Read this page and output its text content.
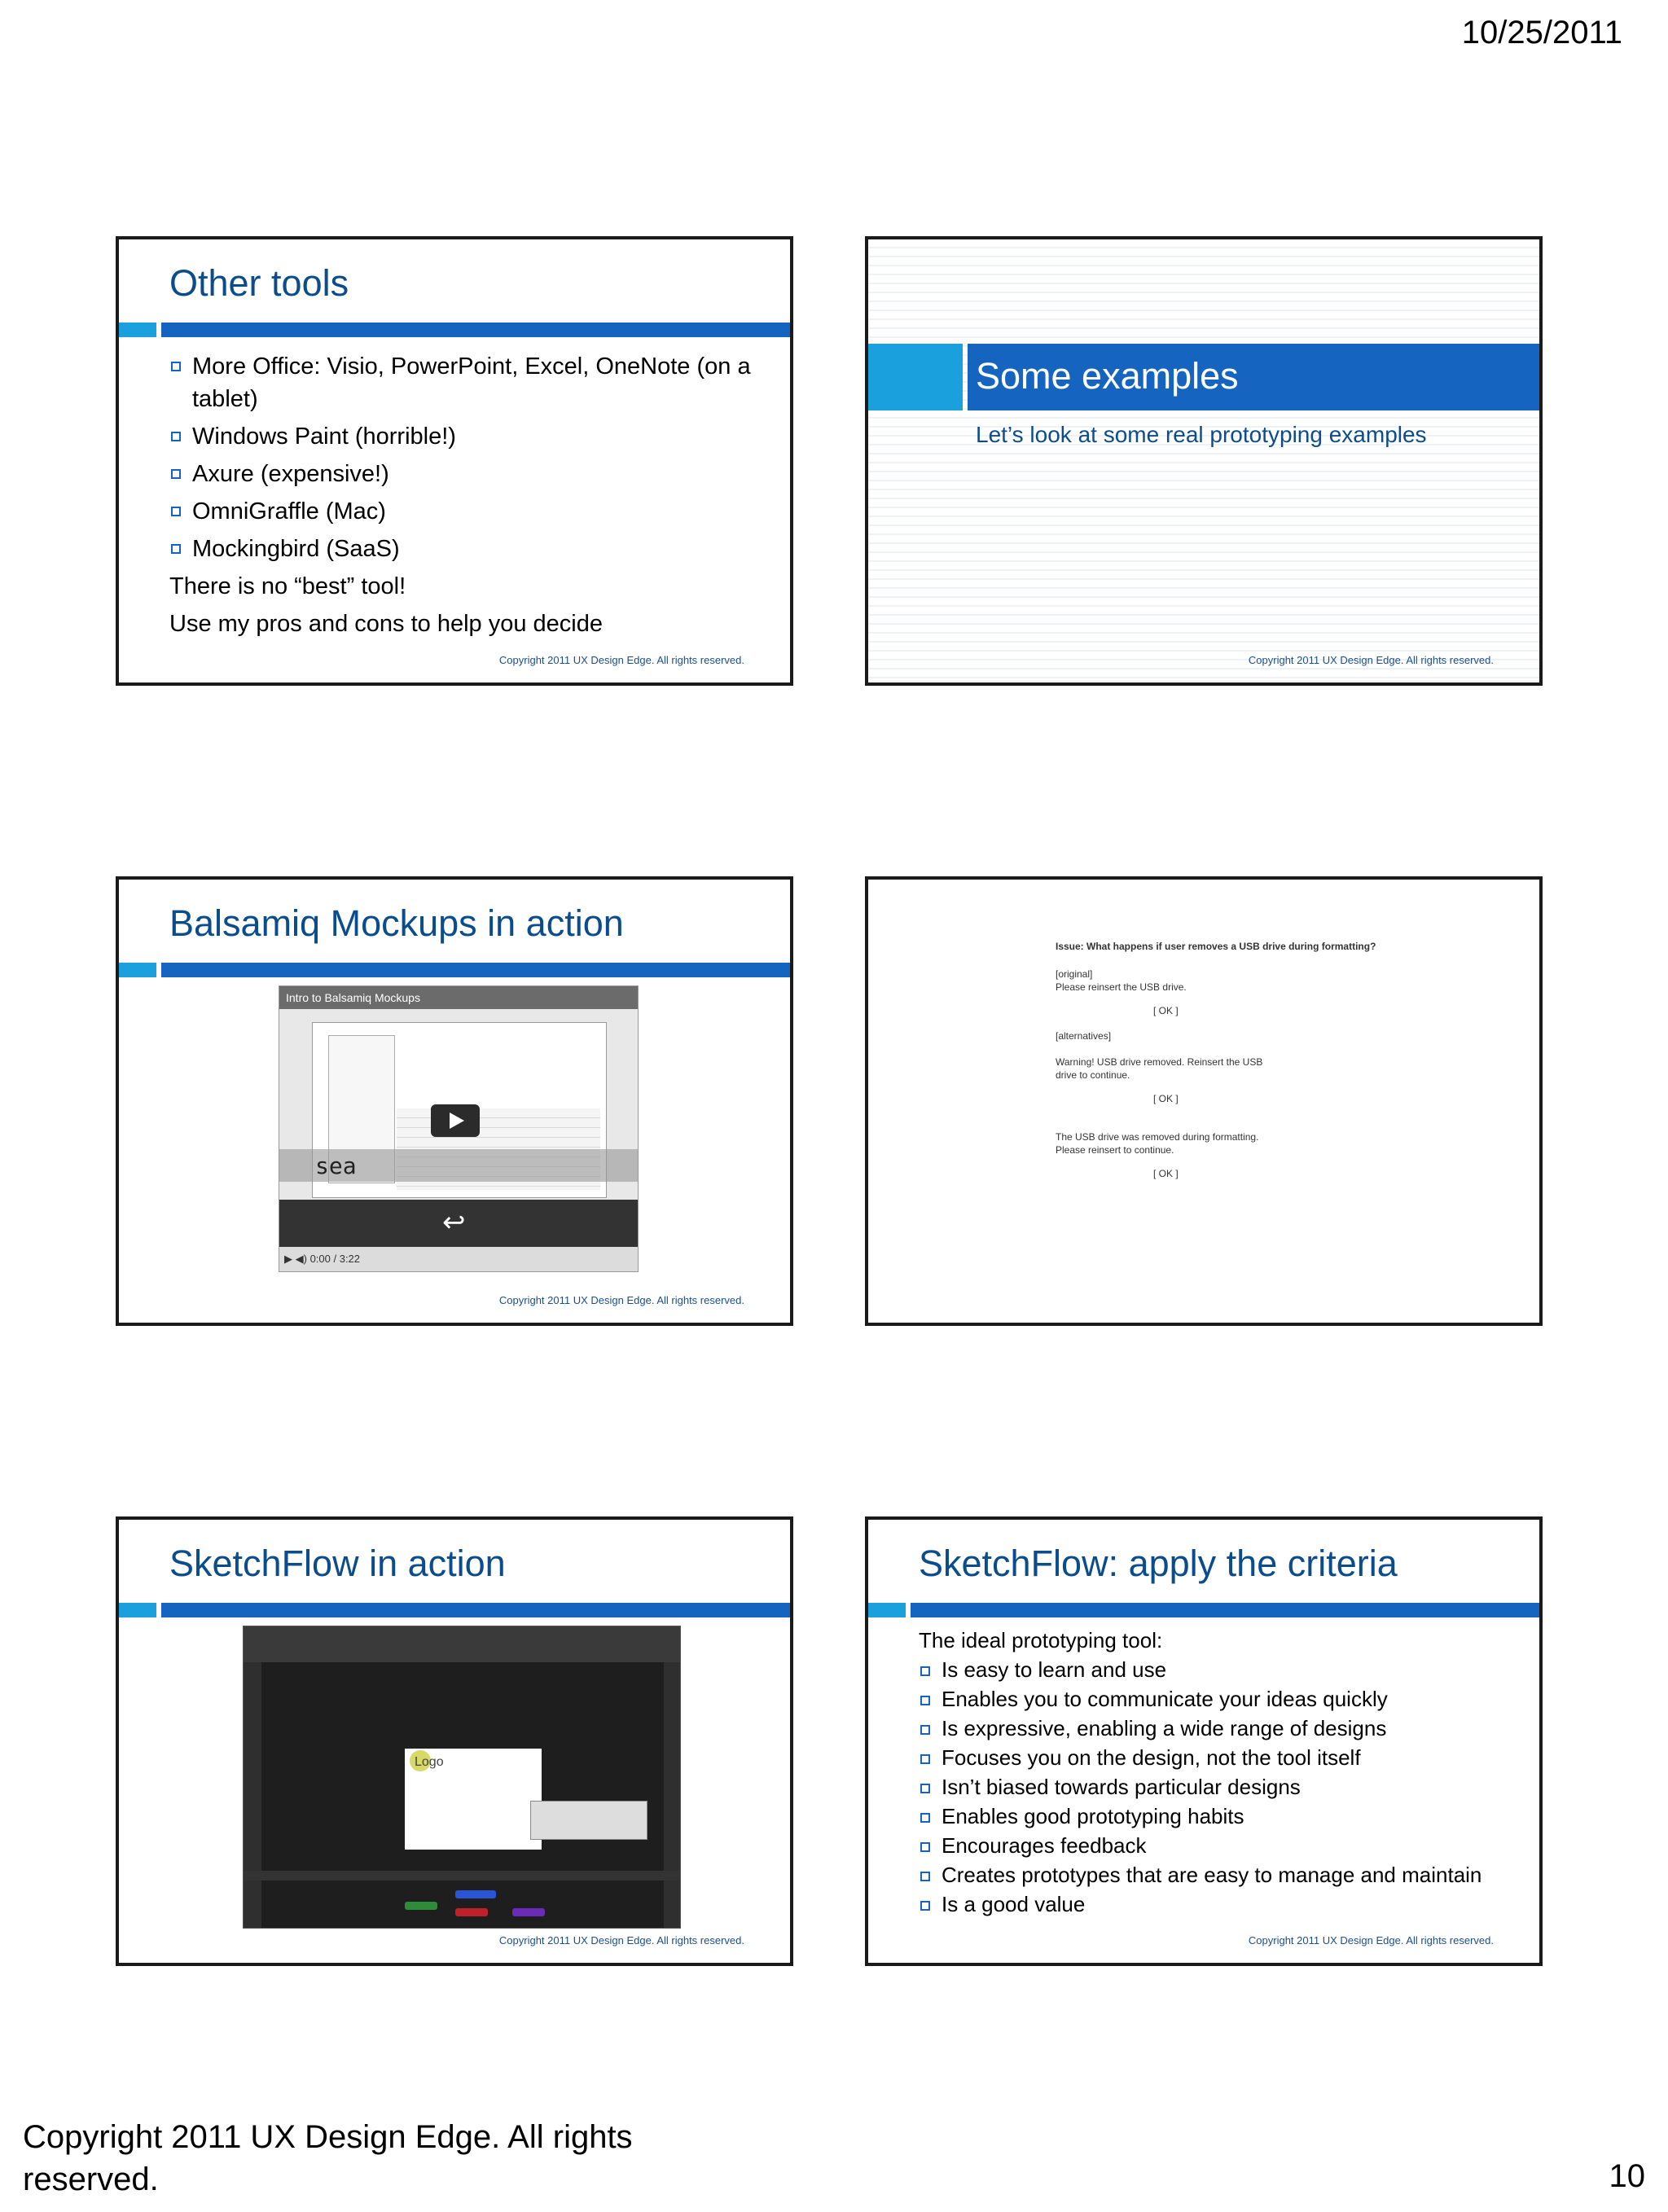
10/25/2011
Other tools
More Office: Visio, PowerPoint, Excel, OneNote (on a tablet)
Windows Paint (horrible!)
Axure (expensive!)
OmniGraffle (Mac)
Mockingbird (SaaS)
There is no “best” tool!
Use my pros and cons to help you decide
Copyright 2011 UX Design Edge. All rights reserved.
Some examples
Let’s look at some real prototyping examples
Copyright 2011 UX Design Edge. All rights reserved.
Balsamiq Mockups in action
Intro to Balsamiq Mockups
sea
↩
▶ ◀) 0:00 / 3:22
Copyright 2011 UX Design Edge. All rights reserved.
Issue: What happens if user removes a USB drive during formatting?
[original]
Please reinsert the USB drive.
[ OK ]
[alternatives]
Warning! USB drive removed. Reinsert the USB
drive to continue.
[ OK ]
The USB drive was removed during formatting.
Please reinsert to continue.
[ OK ]
SketchFlow in action
Logo
Copyright 2011 UX Design Edge. All rights reserved.
SketchFlow: apply the criteria
The ideal prototyping tool:
Is easy to learn and use
Enables you to communicate your ideas quickly
Is expressive, enabling a wide range of designs
Focuses you on the design, not the tool itself
Isn’t biased towards particular designs
Enables good prototyping habits
Encourages feedback
Creates prototypes that are easy to manage and maintain
Is a good value
Copyright 2011 UX Design Edge. All rights reserved.
Copyright 2011 UX Design Edge. All rights reserved.	10
